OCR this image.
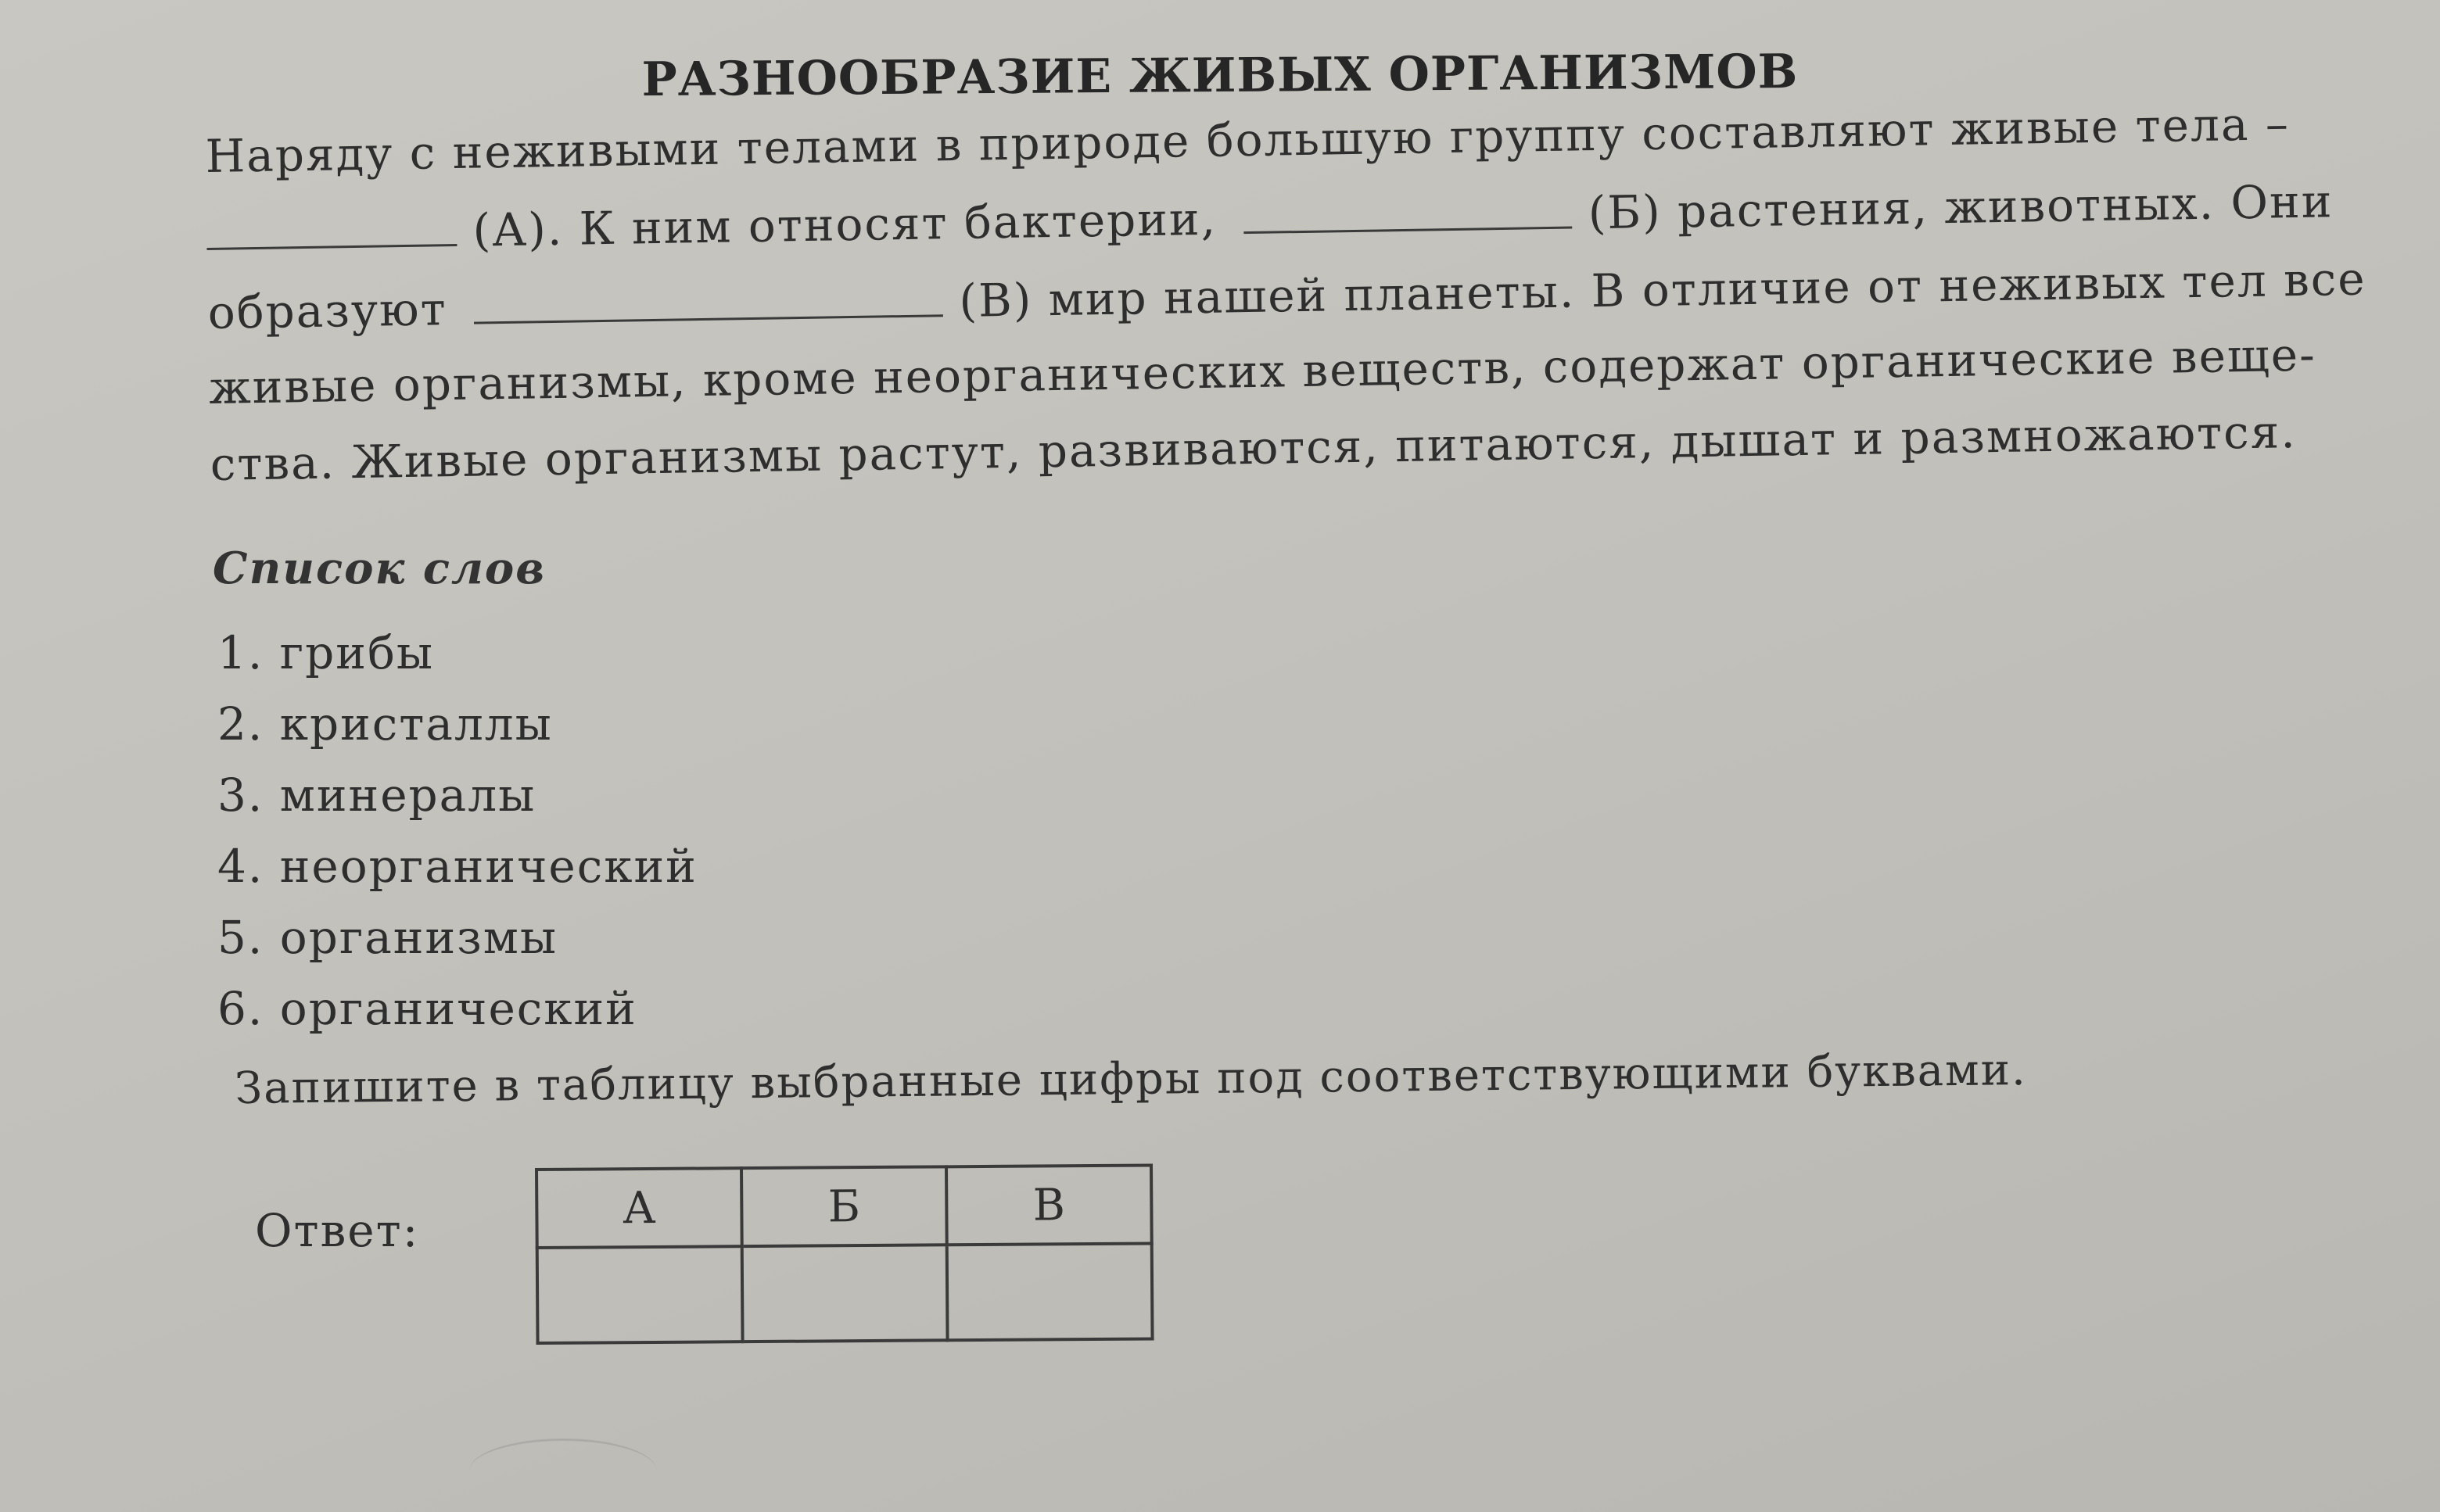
РАЗНООБРАЗИЕ ЖИВЫХ ОРГАНИЗМОВ
Наряду с неживыми телами в природе большую группу составляют живые тела –
(А). К ним относят бактерии,	(Б) растения, животных. Они
образуют	(В) мир нашей планеты. В отличие от неживых тел все
живые организмы, кроме неорганических веществ, содержат органические веще-
ства. Живые организмы растут, развиваются, питаются, дышат и размножаются.
Список слов
1. грибы
2. кристаллы
3. минералы
4. неорганический
5. организмы
6. органический
Запишите в таблицу выбранные цифры под соответствующими буквами.
Ответ:	А	Б	В
